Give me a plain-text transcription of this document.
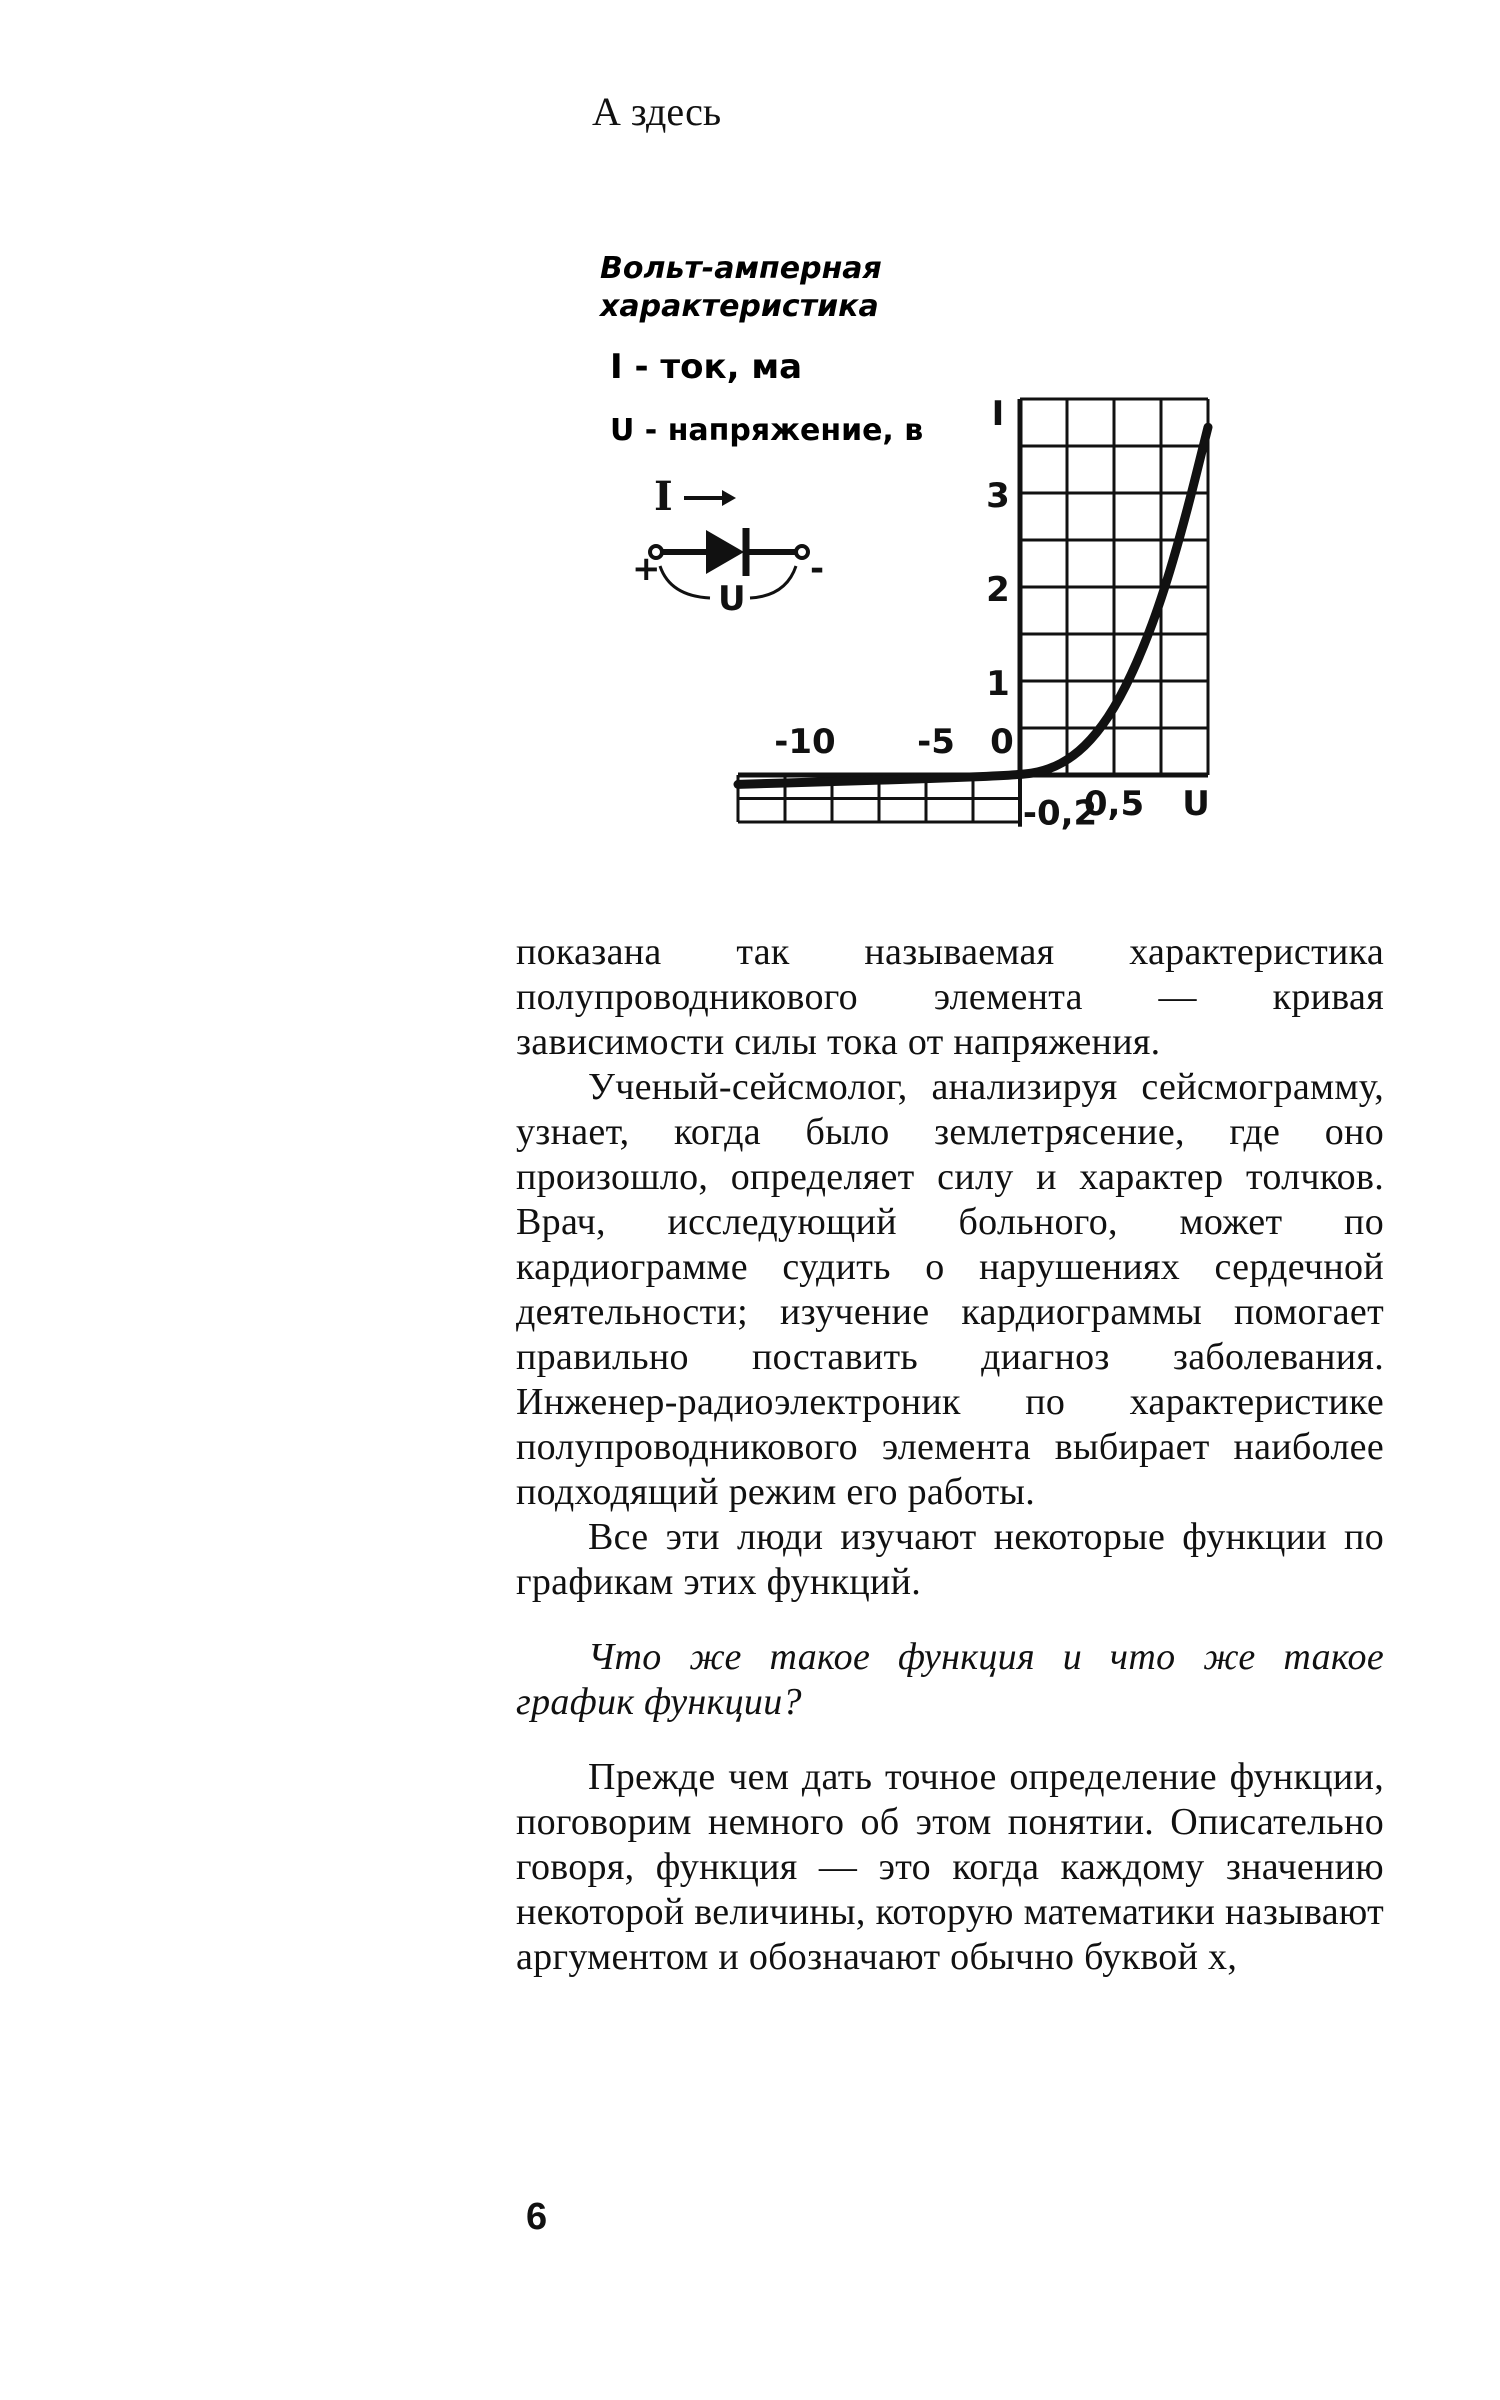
А здесь
Вольт-амперная
характеристика
I - ток, ма
U - напряжение, в
I
+	-
U
1
2
3
I
-10 -5 0
0,5 U
-0,2

показана так называемая характеристика полупроводникового элемента — кривая зависимости силы тока от напряжения.

Ученый-сейсмолог, анализируя сейсмограмму, узнает, когда было землетрясение, где оно произошло, определяет силу и характер толчков. Врач, исследующий больного, может по кардиограмме судить о нарушениях сердечной деятельности; изучение кардиограммы помогает правильно поставить диагноз заболевания. Инженер-радиоэлектроник по характеристике полупроводникового элемента выбирает наиболее подходящий режим его работы.

Все эти люди изучают некоторые функции по графикам этих функций.

Что же такое функция и что же такое график функции?

Прежде чем дать точное определение функции, поговорим немного об этом понятии. Описательно говоря, функция — это когда каждому значению некоторой величины, которую математики называют аргументом и обозначают обычно буквой x,

6
